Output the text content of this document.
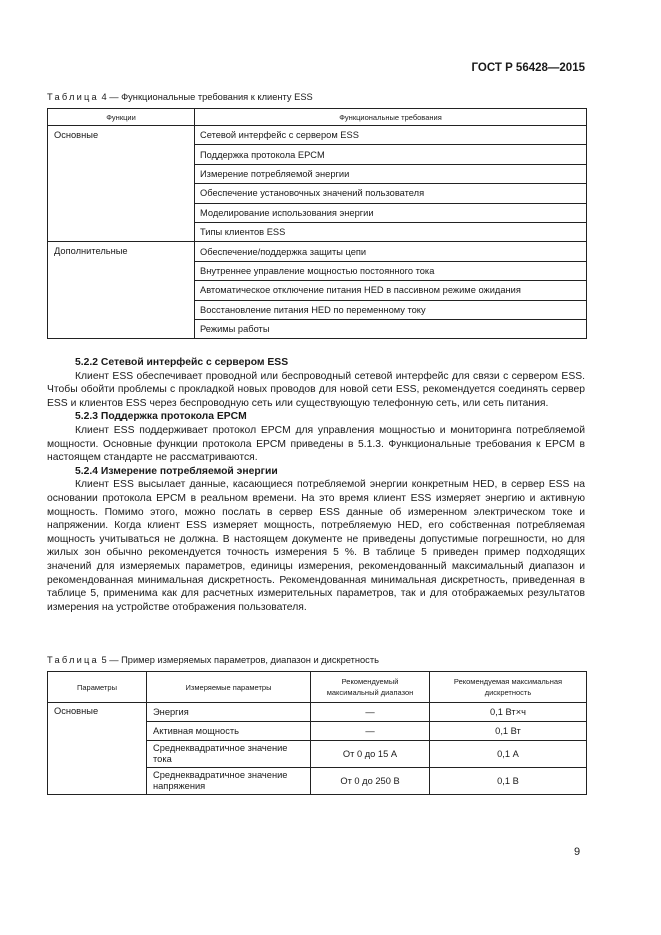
ГОСТ Р 56428—2015
Таблица 4 — Функциональные требования к клиенту ESS
Функции	Функциональные требования
Основные	Сетевой интерфейс с сервером ESS
	Поддержка протокола EPCM
	Измерение потребляемой энергии
	Обеспечение установочных значений пользователя
	Моделирование использования энергии
	Типы клиентов ESS
Дополнительные	Обеспечение/поддержка защиты цепи
	Внутреннее управление мощностью постоянного тока
	Автоматическое отключение питания HED в пассивном режиме ожидания
	Восстановление питания HED по переменному току
	Режимы работы

5.2.2 Сетевой интерфейс с сервером ESS

Клиент ESS обеспечивает проводной или беспроводный сетевой интерфейс для связи с сервером ESS. Чтобы обойти проблемы с прокладкой новых проводов для новой сети ESS, рекомендуется соединять сервер ESS и клиентов ESS через беспроводную сеть или существующую телефонную сеть, или сеть питания.

5.2.3 Поддержка протокола EPCM

Клиент ESS поддерживает протокол EPCM для управления мощностью и мониторинга потребляемой мощности. Основные функции протокола EPCM приведены в 5.1.3. Функциональные требования к EPCM в настоящем стандарте не рассматриваются.

5.2.4 Измерение потребляемой энергии

Клиент ESS высылает данные, касающиеся потребляемой энергии конкретным HED, в сервер ESS на основании протокола EPCM в реальном времени. На это время клиент ESS измеряет энергию и активную мощность. Помимо этого, можно послать в сервер ESS данные об измеренном электрическом токе и напряжении. Когда клиент ESS измеряет мощность, потребляемую HED, его собственная потребляемая мощность учитываться не должна. В настоящем документе не приведены допустимые погрешности, но для жилых зон обычно рекомендуется точность измерения 5 %. В таблице 5 приведен пример подходящих значений для измеряемых параметров, единицы измерения, рекомендованный максимальный диапазон и рекомендованная минимальная дискретность. Рекомендованная минимальная дискретность, приведенная в таблице 5, применима как для расчетных измерительных параметров, так и для отображаемых результатов измерения на устройстве отображения пользователя.

Таблица 5 — Пример измеряемых параметров, диапазон и дискретность
Параметры	Измеряемые параметры	Рекомендуемый максимальный диапазон	Рекомендуемая максимальная дискретность
Основные	Энергия	—	0,1 Вт×ч
	Активная мощность	—	0,1 Вт
	Среднеквадратичное значение тока	От 0 до 15 А	0,1 А
	Среднеквадратичное значение напряжения	От 0 до 250 В	0,1 В
9
